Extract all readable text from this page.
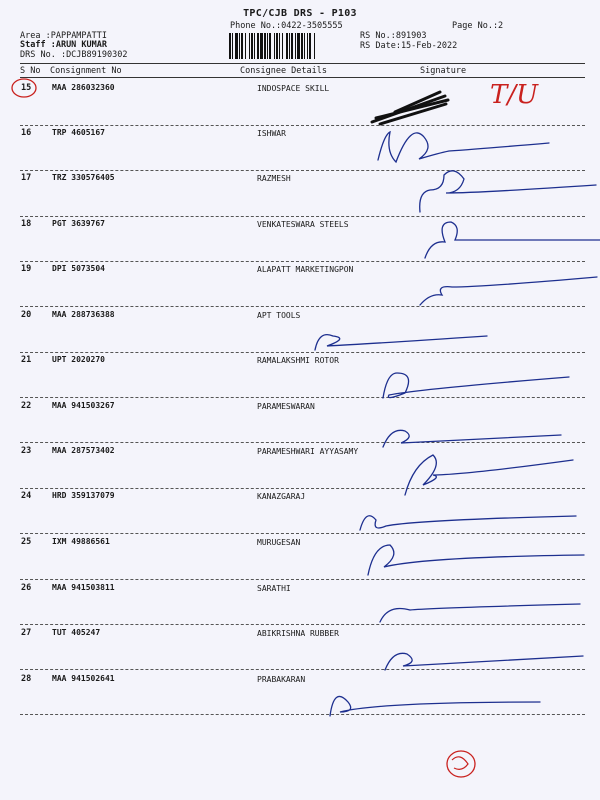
TPC/CJB DRS - P103
Phone No.:0422-3505555
Area :PAPPAMPATTI
Staff :ARUN KUMAR
DRS No. :DCJB89190302
Page No.:2
RS No.:891903
RS Date:15-Feb-2022
S No Consignment No	Consignee Details	Signature
15	MAA 286032360	INDOSPACE SKILL
16	TRP 4605167	ISHWAR
17	TRZ 330576405	RAZMESH
18	PGT 3639767	VENKATESWARA STEELS
19	DPI 5073504	ALAPATT MARKETINGPON
20	MAA 288736388	APT TOOLS
21	UPT 2020270	RAMALAKSHMI ROTOR
22	MAA 941503267	PARAMESWARAN
23	MAA 287573402	PARAMESHWARI AYYASAMY
24	HRD 359137079	KANAZGARAJ
25	IXM 49886561	MURUGESAN
26	MAA 941503811	SARATHI
27	TUT 405247	ABIKRISHNA RUBBER
28	MAA 941502641	PRABAKARAN
T/U
